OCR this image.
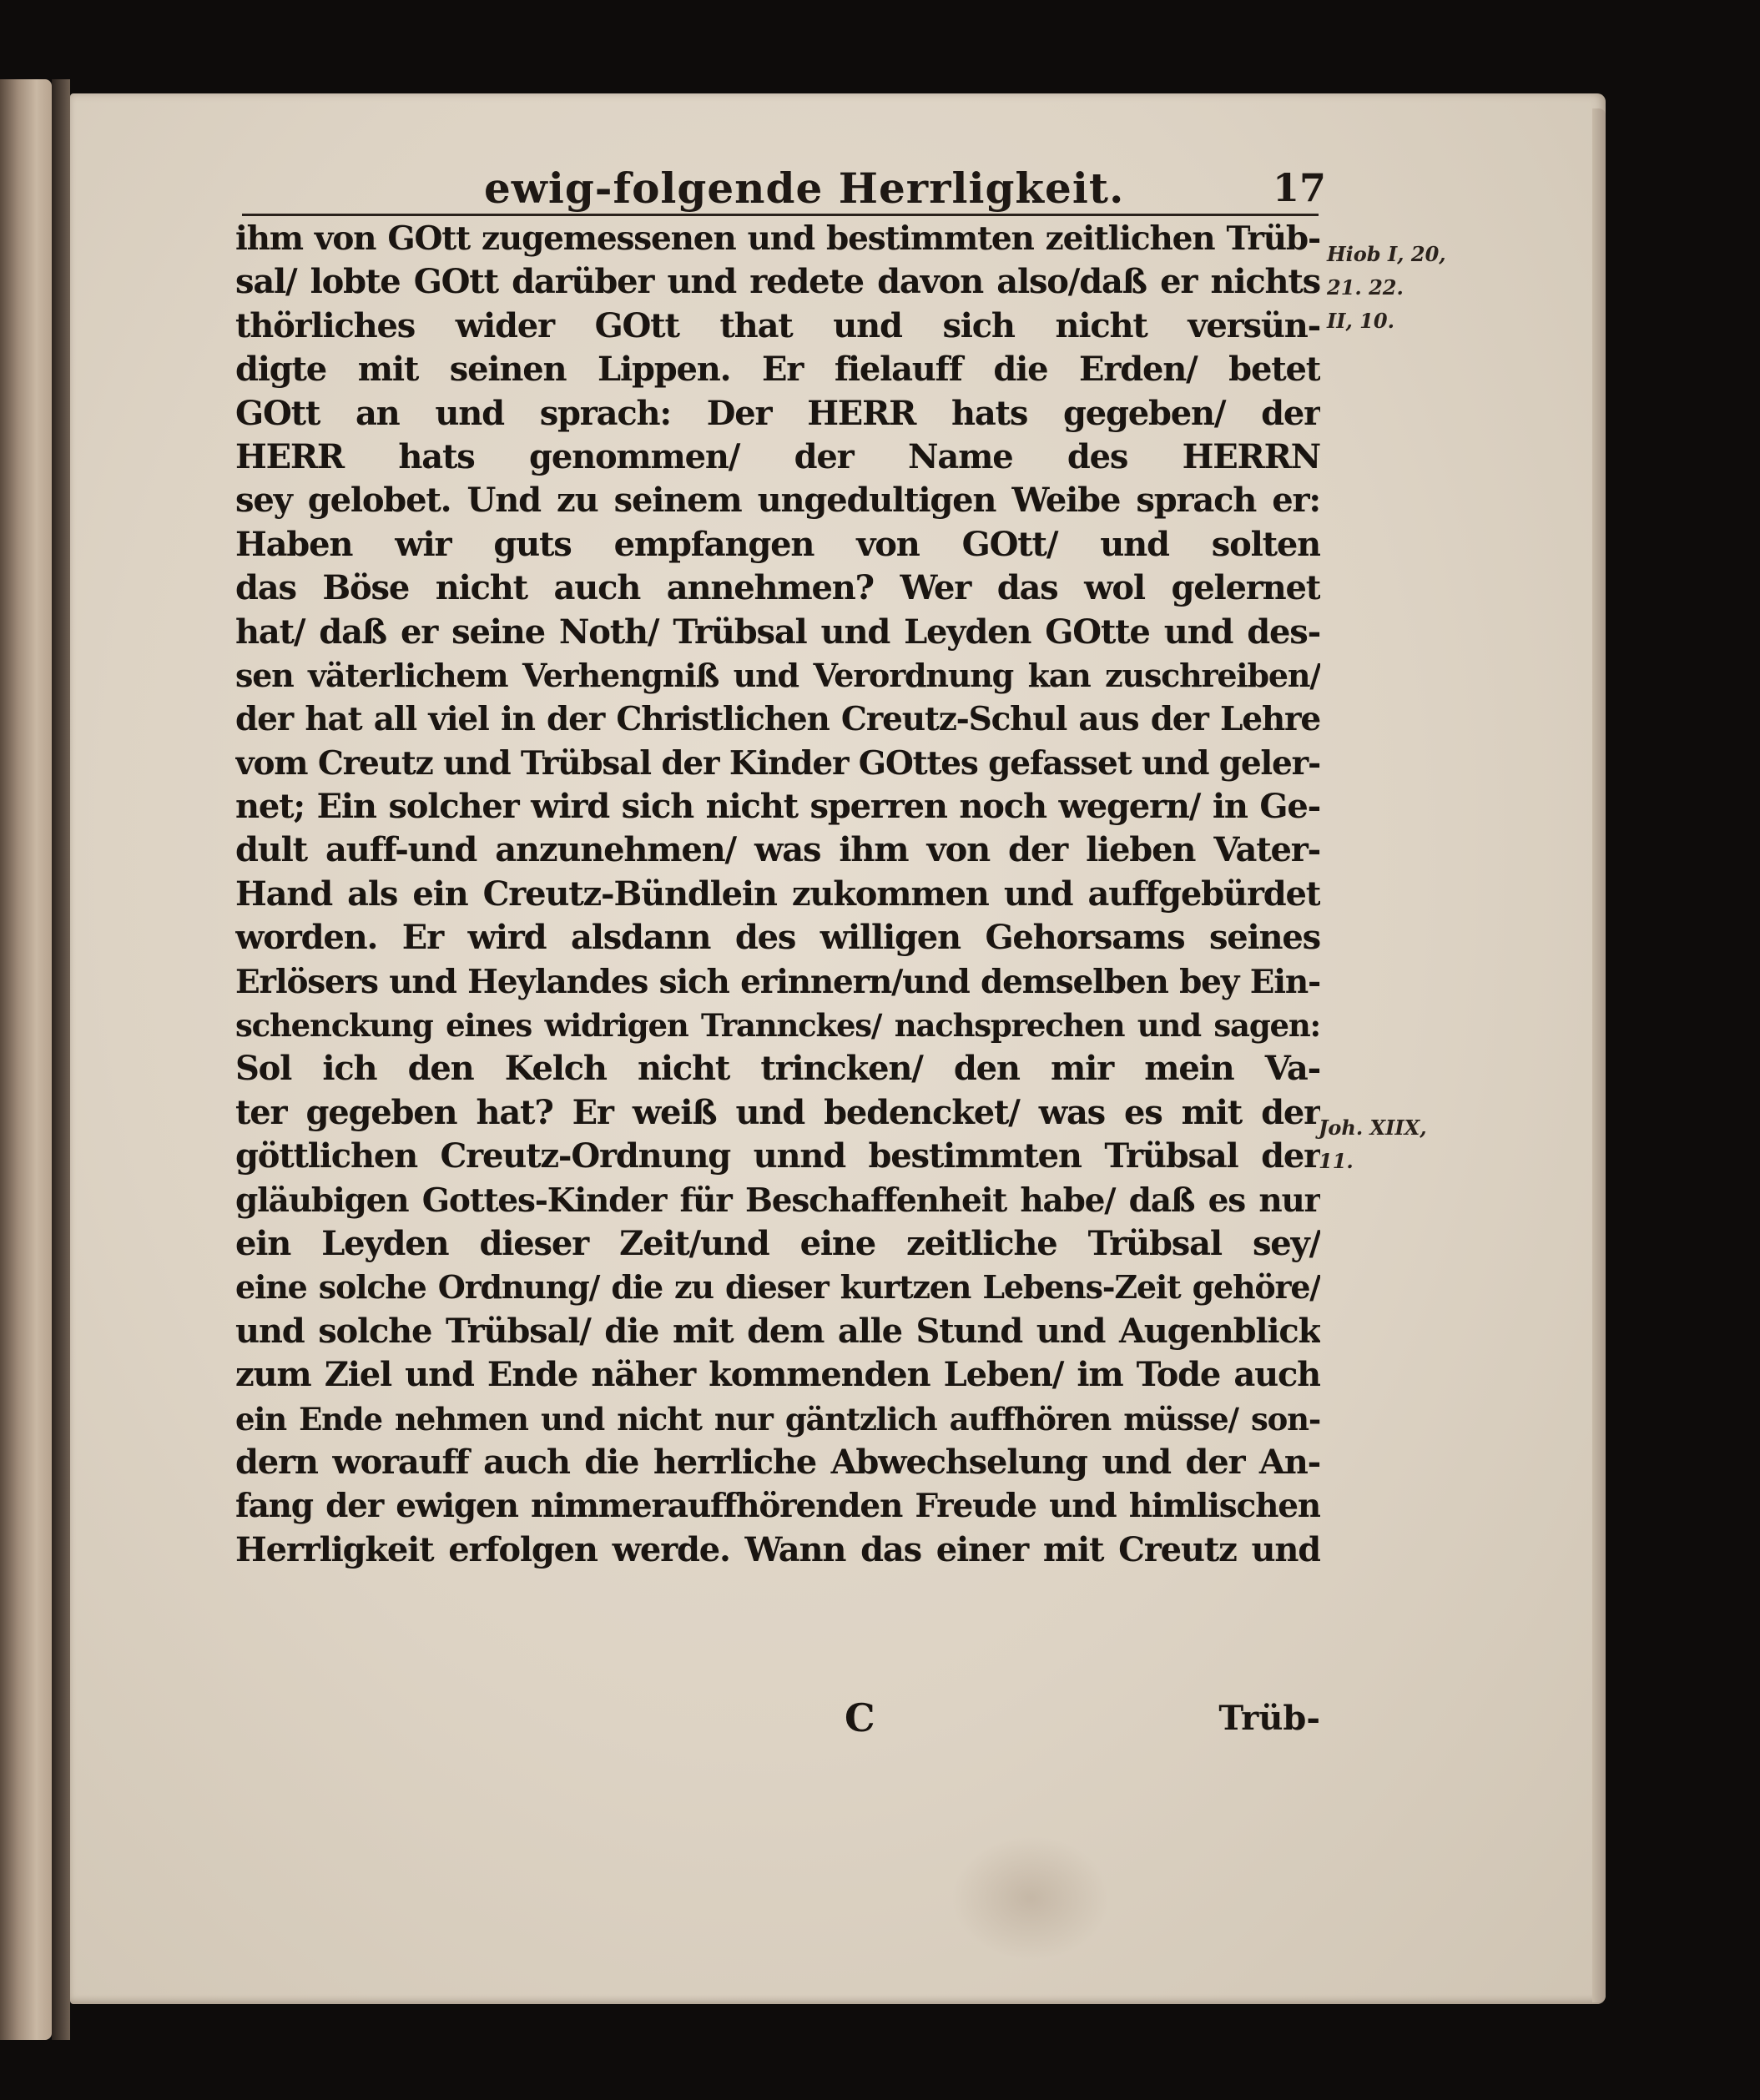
ewig-folgende Herrligkeit.	17
ihm von GOtt zugemessenen und bestimmten zeitlichen Trüb-
sal/ lobte GOtt darüber und redete davon also/daß er nichts
thörliches wider GOtt that und sich nicht versün-
digte mit seinen Lippen. Er fielauff die Erden/ betet
GOtt an und sprach: Der HERR hats gegeben/ der
HERR hats genommen/ der Name des HERRN
sey gelobet. Und zu seinem ungedultigen Weibe sprach er:
Haben wir guts empfangen von GOtt/ und solten
das Böse nicht auch annehmen? Wer das wol gelernet
hat/ daß er seine Noth/ Trübsal und Leyden GOtte und des-
sen väterlichem Verhengniß und Verordnung kan zuschreiben/
der hat all viel in der Christlichen Creutz-Schul aus der Lehre
vom Creutz und Trübsal der Kinder GOttes gefasset und geler-
net; Ein solcher wird sich nicht sperren noch wegern/ in Ge-
dult auff-und anzunehmen/ was ihm von der lieben Vater-
Hand als ein Creutz-Bündlein zukommen und auffgebürdet
worden. Er wird alsdann des willigen Gehorsams seines
Erlösers und Heylandes sich erinnern/und demselben bey Ein-
schenckung eines widrigen Trannckes/ nachsprechen und sagen:
Sol ich den Kelch nicht trincken/ den mir mein Va-
ter gegeben hat? Er weiß und bedencket/ was es mit der
göttlichen Creutz-Ordnung unnd bestimmten Trübsal der
gläubigen Gottes-Kinder für Beschaffenheit habe/ daß es nur
ein Leyden dieser Zeit/und eine zeitliche Trübsal sey/
eine solche Ordnung/ die zu dieser kurtzen Lebens-Zeit gehöre/
und solche Trübsal/ die mit dem alle Stund und Augenblick
zum Ziel und Ende näher kommenden Leben/ im Tode auch
ein Ende nehmen und nicht nur gäntzlich auffhören müsse/ son-
dern worauff auch die herrliche Abwechselung und der An-
fang der ewigen nimmerauffhörenden Freude und himlischen
Herrligkeit erfolgen werde. Wann das einer mit Creutz und
C	Trüb-
Hiob I, 20,
21. 22.
II, 10.
Joh. XIIX,
11.
